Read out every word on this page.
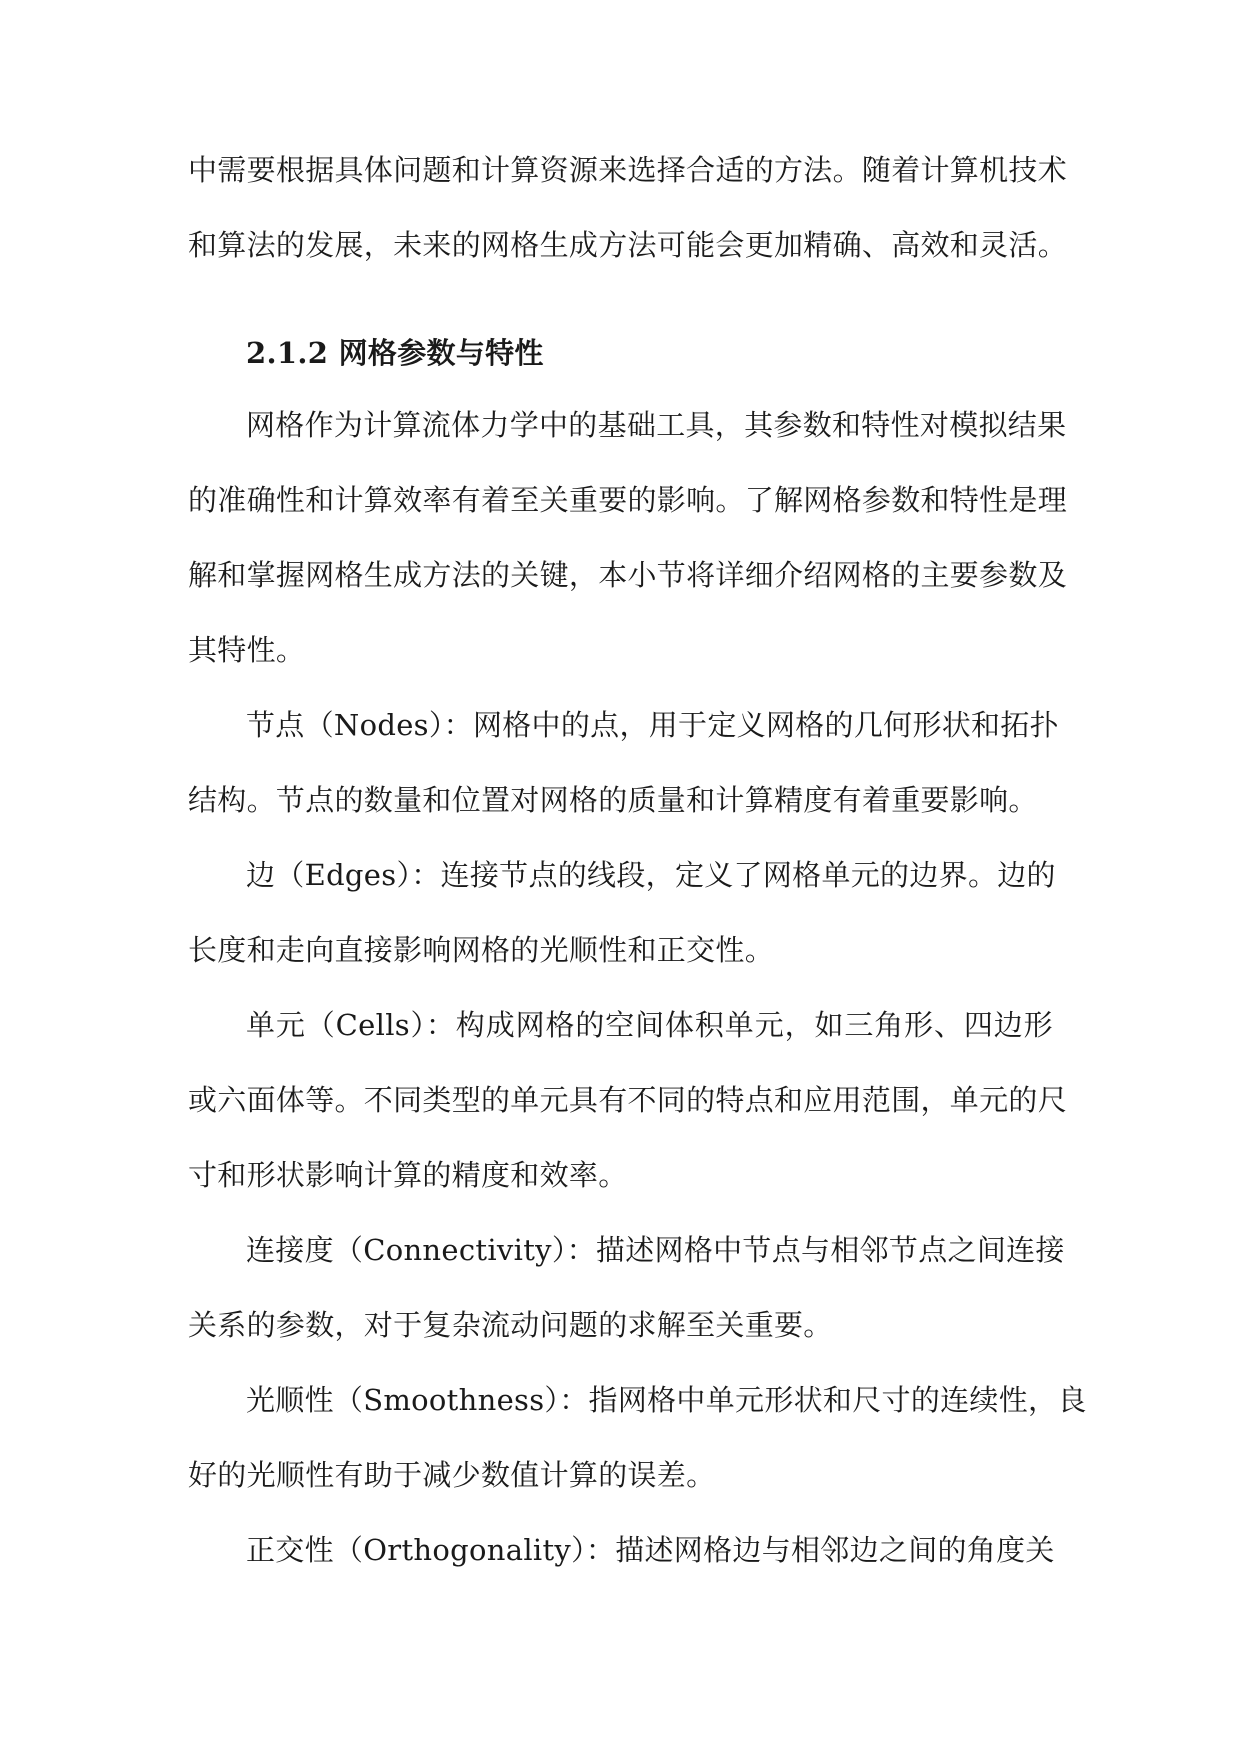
中需要根据具体问题和计算资源来选择合适的方法。随着计算机技术
和算法的发展，未来的网格生成方法可能会更加精确、高效和灵活。
2.1.2 网格参数与特性
网格作为计算流体力学中的基础工具，其参数和特性对模拟结果
的准确性和计算效率有着至关重要的影响。了解网格参数和特性是理
解和掌握网格生成方法的关键，本小节将详细介绍网格的主要参数及
其特性。
节点（Nodes）：网格中的点，用于定义网格的几何形状和拓扑
结构。节点的数量和位置对网格的质量和计算精度有着重要影响。
边（Edges）：连接节点的线段，定义了网格单元的边界。边的
长度和走向直接影响网格的光顺性和正交性。
单元（Cells）：构成网格的空间体积单元，如三角形、四边形
或六面体等。不同类型的单元具有不同的特点和应用范围，单元的尺
寸和形状影响计算的精度和效率。
连接度（Connectivity）：描述网格中节点与相邻节点之间连接
关系的参数，对于复杂流动问题的求解至关重要。
光顺性（Smoothness）：指网格中单元形状和尺寸的连续性，良
好的光顺性有助于减少数值计算的误差。
正交性（Orthogonality）：描述网格边与相邻边之间的角度关
